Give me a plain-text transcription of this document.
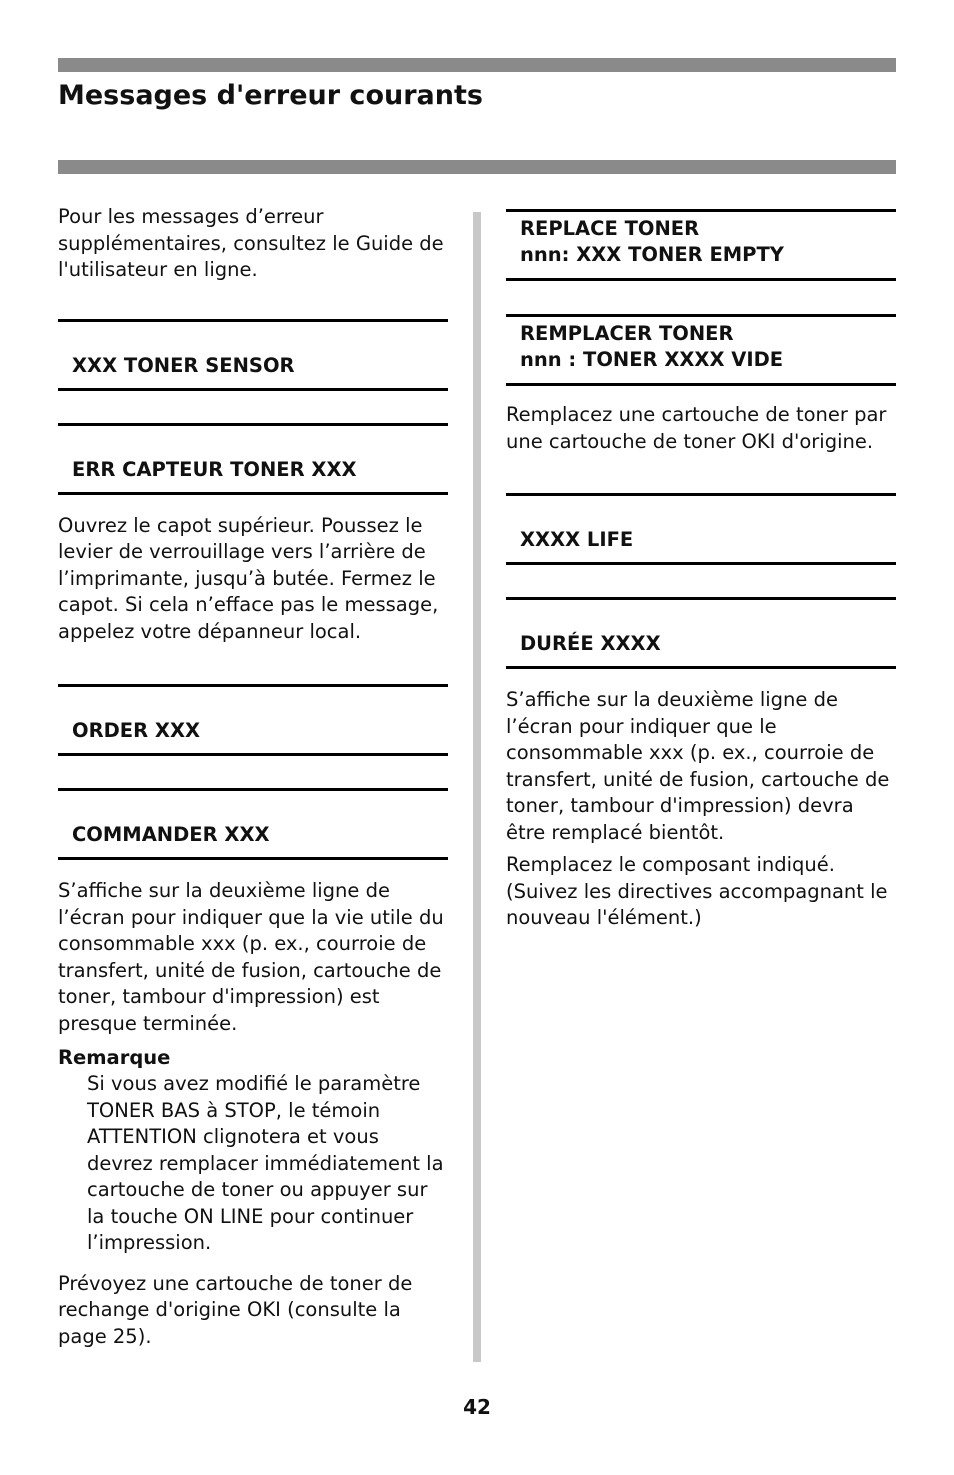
Messages d'erreur courants

Pour les messages d’erreur supplémentaires, consultez le Guide de l'utilisateur en ligne.

XXX TONER SENSOR
ERR CAPTEUR TONER XXX

Ouvrez le capot supérieur. Poussez le levier de verrouillage vers l’arrière de l’imprimante, jusqu’à butée. Fermez le capot. Si cela n’efface pas le message, appelez votre dépanneur local.

ORDER XXX
COMMANDER XXX

S’affiche sur la deuxième ligne de l’écran pour indiquer que la vie utile du consommable xxx (p. ex., courroie de transfert, unité de fusion, cartouche de toner, tambour d'impression) est presque terminée.

Remarque

Si vous avez modifié le paramètre TONER BAS à STOP, le témoin ATTENTION clignotera et vous devrez remplacer immédiatement la cartouche de toner ou appuyer sur la touche ON LINE pour continuer l’impression.

Prévoyez une cartouche de toner de rechange d'origine OKI (consulte la page 25).

REPLACE TONER
nnn: XXX TONER EMPTY
REMPLACER TONER
nnn : TONER XXXX VIDE

Remplacez une cartouche de toner par une cartouche de toner OKI d'origine.

XXXX LIFE
DURÉE XXXX

S’affiche sur la deuxième ligne de l’écran pour indiquer que le consommable xxx (p. ex., courroie de transfert, unité de fusion, cartouche de toner, tambour d'impression) devra être remplacé bientôt.

Remplacez le composant indiqué. (Suivez les directives accompagnant le nouveau l'élément.)

42
